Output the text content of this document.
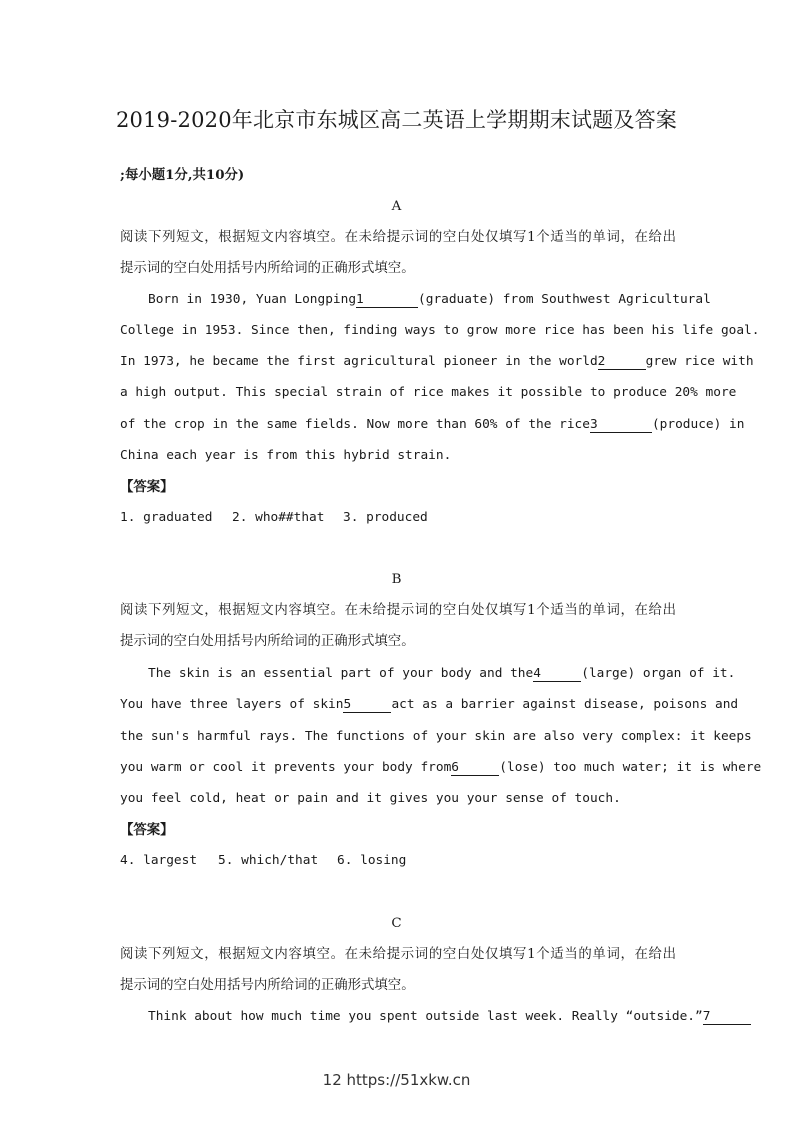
2019-2020年北京市东城区高二英语上学期期末试题及答案
;每小题1分,共10分)
A
阅读下列短文，根据短文内容填空。在未给提示词的空白处仅填写1个适当的单词，在给出
提示词的空白处用括号内所给词的正确形式填空。
Born in 1930, Yuan Longping1	(graduate) from Southwest Agricultural
College in 1953. Since then, finding ways to grow more rice has been his life goal.
In 1973, he became the first agricultural pioneer in the world2	grew rice with
a high output. This special strain of rice makes it possible to produce 20% more
of the crop in the same fields. Now more than 60% of the rice3	(produce) in
China each year is from this hybrid strain.
【答案】
1. graduated 2. who##that 3. produced
B
阅读下列短文，根据短文内容填空。在未给提示词的空白处仅填写1个适当的单词，在给出
提示词的空白处用括号内所给词的正确形式填空。
The skin is an essential part of your body and the4	(large) organ of it.
You have three layers of skin5	act as a barrier against disease, poisons and
the sun's harmful rays. The functions of your skin are also very complex: it keeps
you warm or cool it prevents your body from6	(lose) too much water; it is where
you feel cold, heat or pain and it gives you your sense of touch.
【答案】
4. largest 5. which/that 6. losing
C
阅读下列短文，根据短文内容填空。在未给提示词的空白处仅填写1个适当的单词，在给出
提示词的空白处用括号内所给词的正确形式填空。
Think about how much time you spent outside last week. Really “outside.”7
12 https://51xkw.cn
